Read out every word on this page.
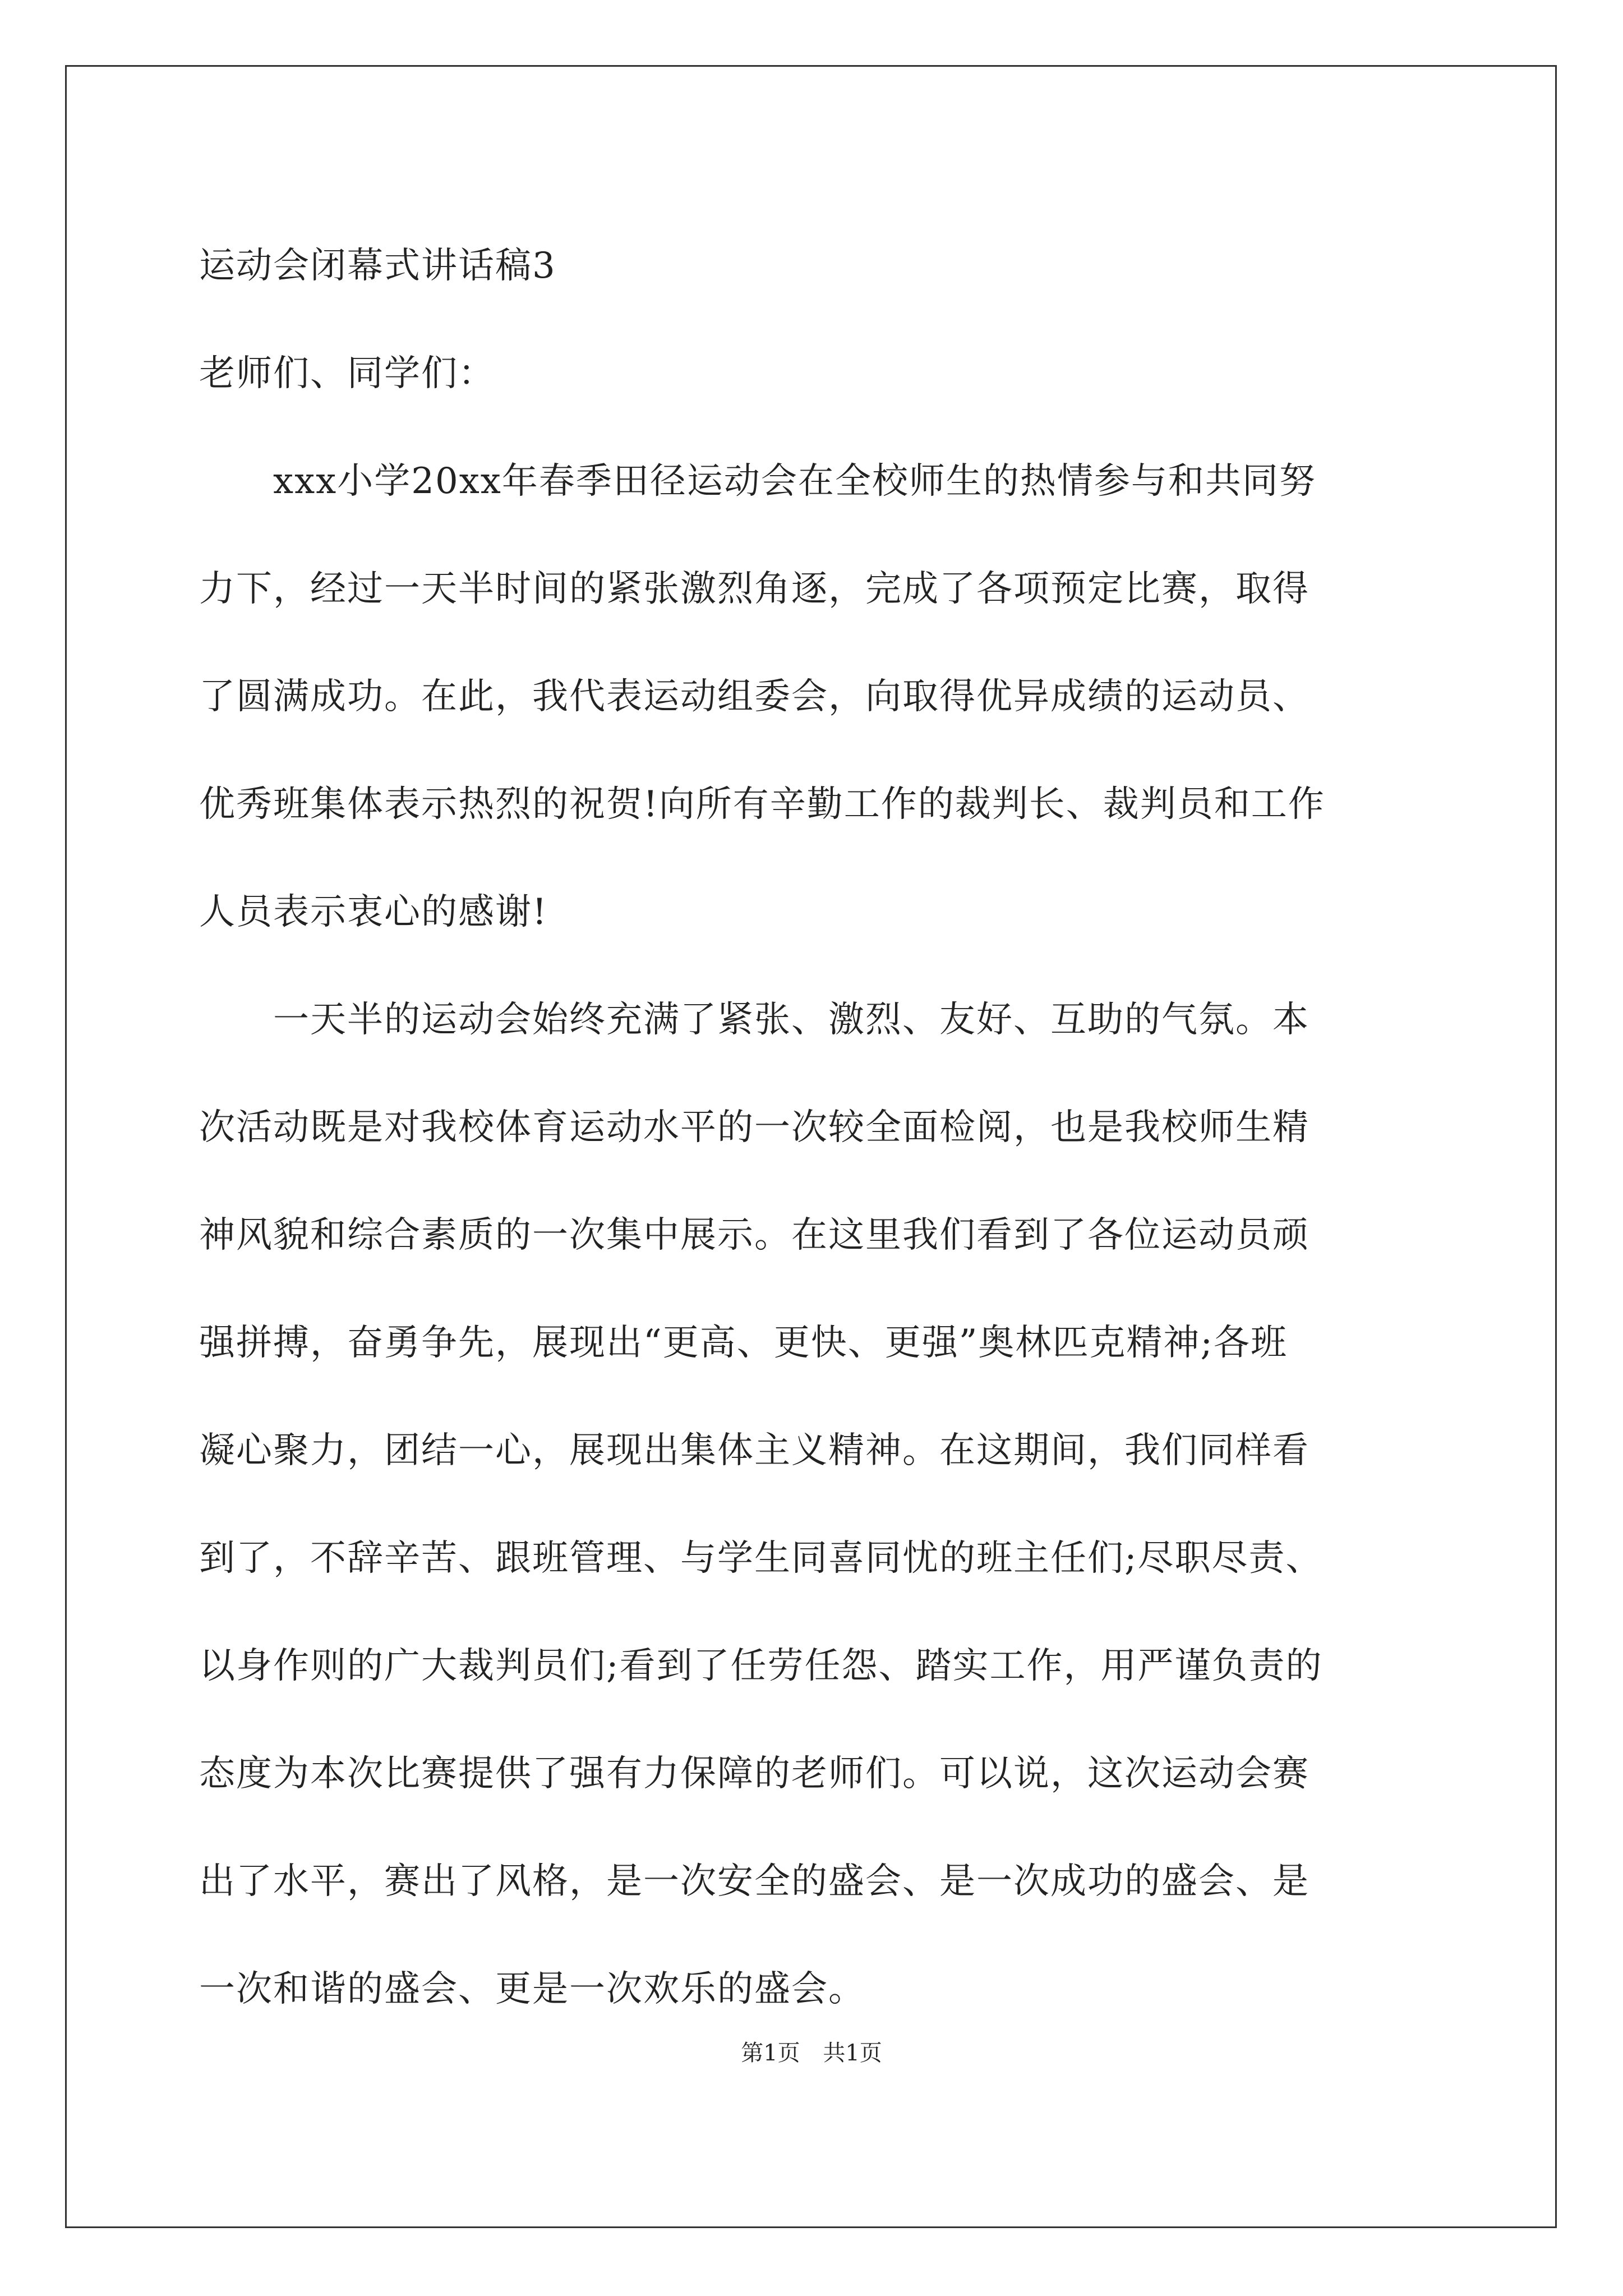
运动会闭幕式讲话稿3
老师们、同学们：
　　xxx小学20xx年春季田径运动会在全校师生的热情参与和共同努
力下，经过一天半时间的紧张激烈角逐，完成了各项预定比赛，取得
了圆满成功。在此，我代表运动组委会，向取得优异成绩的运动员、
优秀班集体表示热烈的祝贺!向所有辛勤工作的裁判长、裁判员和工作
人员表示衷心的感谢!
　　一天半的运动会始终充满了紧张、激烈、友好、互助的气氛。本
次活动既是对我校体育运动水平的一次较全面检阅，也是我校师生精
神风貌和综合素质的一次集中展示。在这里我们看到了各位运动员顽
强拼搏，奋勇争先，展现出“更高、更快、更强”奥林匹克精神;各班
凝心聚力，团结一心，展现出集体主义精神。在这期间，我们同样看
到了，不辞辛苦、跟班管理、与学生同喜同忧的班主任们;尽职尽责、
以身作则的广大裁判员们;看到了任劳任怨、踏实工作，用严谨负责的
态度为本次比赛提供了强有力保障的老师们。可以说，这次运动会赛
出了水平，赛出了风格，是一次安全的盛会、是一次成功的盛会、是
一次和谐的盛会、更是一次欢乐的盛会。
第1页 共1页
